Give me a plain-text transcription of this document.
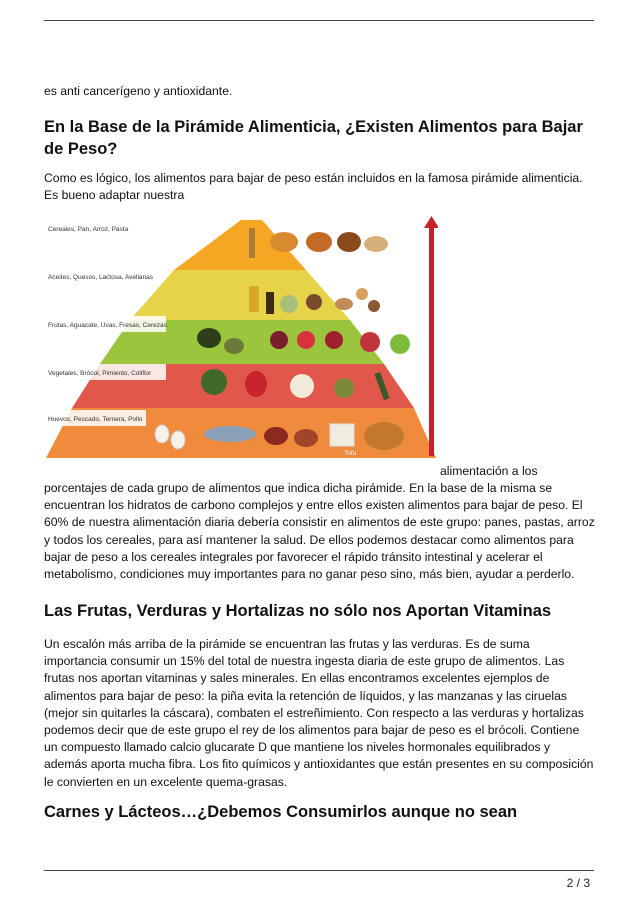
es anti cancerígeno y antioxidante.

En la Base de la Pirámide Alimenticia, ¿Existen Alimentos para Bajar de Peso?

Como es lógico, los alimentos para bajar de peso están incluidos en la famosa pirámide alimenticia. Es bueno adaptar nuestra

Cereales, Pan, Arroz, Pasta
Aceites, Quesos, Lactosa, Avellanas
Frutas, Aguacate, Uvas, Fresas, Cerezas
Vegetales, Brócol, Pimiento, Coliflor
Huevos, Pescado, Ternera, Pollo
Tofu
alimentación a los

porcentajes de cada grupo de alimentos que indica dicha pirámide. En la base de la misma se encuentran los hidratos de carbono complejos y entre ellos existen alimentos para bajar de peso. El 60% de nuestra alimentación diaria debería consistir en alimentos de este grupo: panes, pastas, arroz y todos los cereales, para así mantener la salud. De ellos podemos destacar como alimentos para bajar de peso a los cereales integrales por favorecer el rápido tránsito intestinal y acelerar el metabolismo, condiciones muy importantes para no ganar peso sino, más bien, ayudar a perderlo.

Las Frutas, Verduras y Hortalizas no sólo nos Aportan Vitaminas

Un escalón más arriba de la pirámide se encuentran las frutas y las verduras. Es de suma importancia consumir un 15% del total de nuestra ingesta diaria de este grupo de alimentos. Las frutas nos aportan vitaminas y sales minerales. En ellas encontramos excelentes ejemplos de alimentos para bajar de peso: la piña evita la retención de líquidos, y las manzanas y las ciruelas (mejor sin quitarles la cáscara), combaten el estreñimiento. Con respecto a las verduras y hortalizas podemos decir que de este grupo el rey de los alimentos para bajar de peso es el brócoli. Contiene un compuesto llamado calcio glucarate D que mantiene los niveles hormonales equilibrados y además aporta mucha fibra. Los fito químicos y antioxidantes que están presentes en su composición le convierten en un excelente quema-grasas.

Carnes y Lácteos…¿Debemos Consumirlos aunque no sean
2 / 3
